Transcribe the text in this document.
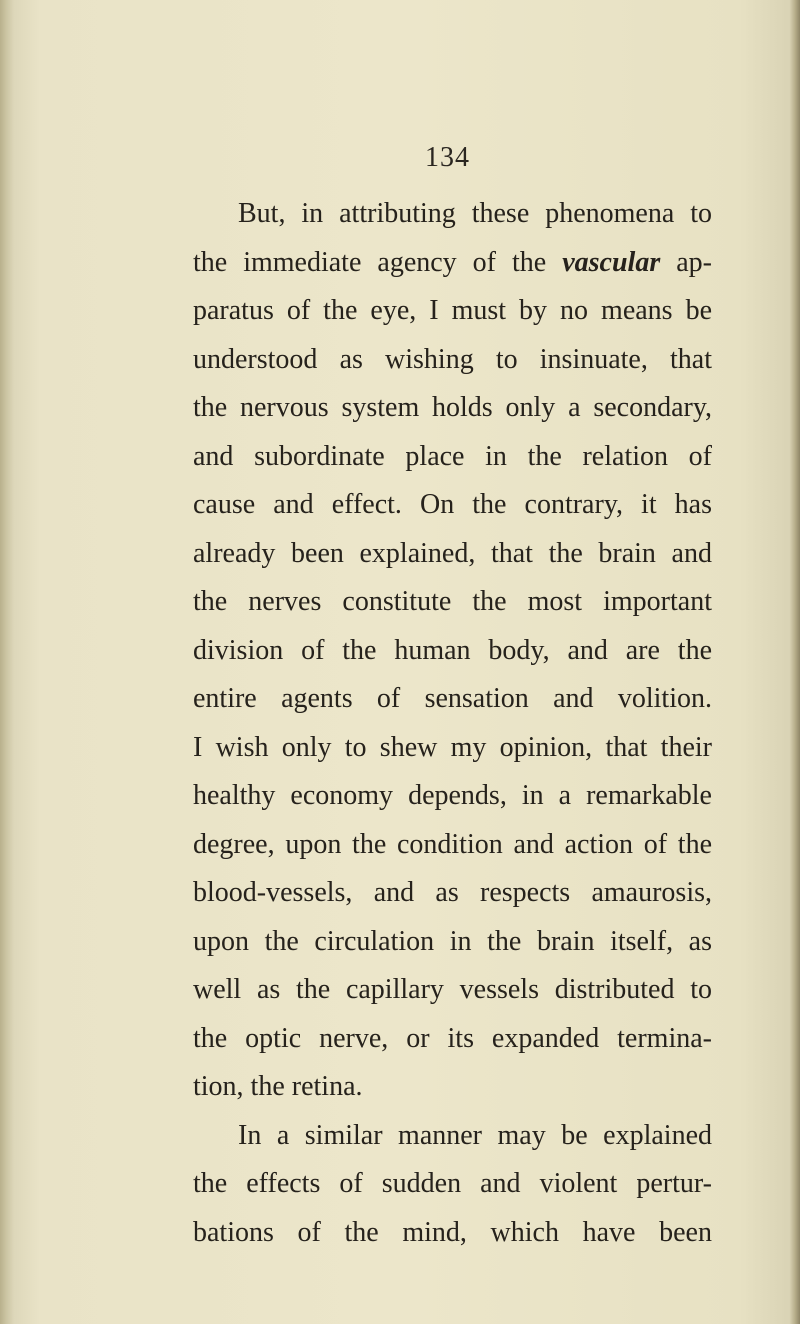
134
But, in attributing these phenomena to
the immediate agency of the vascular ap-
paratus of the eye, I must by no means be
understood as wishing to insinuate, that
the nervous system holds only a secondary,
and subordinate place in the relation of
cause and effect. On the contrary, it has
already been explained, that the brain and
the nerves constitute the most important
division of the human body, and are the
entire agents of sensation and volition.
I wish only to shew my opinion, that their
healthy economy depends, in a remarkable
degree, upon the condition and action of the
blood-vessels, and as respects amaurosis,
upon the circulation in the brain itself, as
well as the capillary vessels distributed to
the optic nerve, or its expanded termina-
tion, the retina.
In a similar manner may be explained
the effects of sudden and violent pertur-
bations of the mind, which have been
